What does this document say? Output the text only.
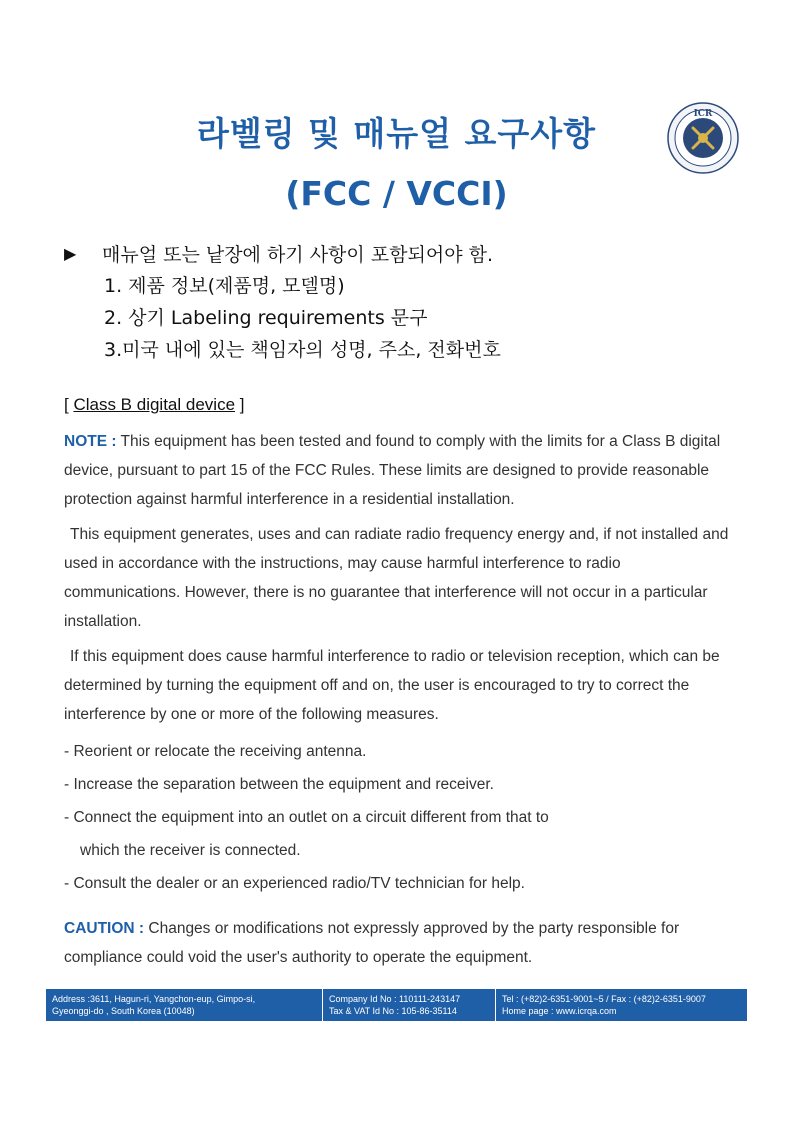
라벨링 및 매뉴얼 요구사항
(FCC / VCCI)
ICR
▶	매뉴얼 또는 낱장에 하기 사항이 포함되어야 함.
1. 제품 정보(제품명, 모델명)
2. 상기 Labeling requirements 문구
3.미국 내에 있는 책임자의 성명, 주소, 전화번호
[ Class B digital device ]
NOTE : This equipment has been tested and found to comply with the limits for a Class B digital device, pursuant to part 15 of the FCC Rules. These limits are designed to provide reasonable protection against harmful interference in a residential installation.
This equipment generates, uses and can radiate radio frequency energy and, if not installed and used in accordance with the instructions, may cause harmful interference to radio communications. However, there is no guarantee that interference will not occur in a particular installation.
If this equipment does cause harmful interference to radio or television reception, which can be determined by turning the equipment off and on, the user is encouraged to try to correct the interference by one or more of the following measures.
- Reorient or relocate the receiving antenna.
- Increase the separation between the equipment and receiver.
- Connect the equipment into an outlet on a circuit different from that to
which the receiver is connected.
- Consult the dealer or an experienced radio/TV technician for help.
CAUTION : Changes or modifications not expressly approved by the party responsible for compliance could void the user's authority to operate the equipment.
Address :3611, Hagun-ri, Yangchon-eup, Gimpo-si,
Gyeonggi-do , South Korea (10048)
Company Id No : 110111-243147
Tax & VAT Id No : 105-86-35114
Tel : (+82)2-6351-9001~5 / Fax : (+82)2-6351-9007
Home page : www.icrqa.com
